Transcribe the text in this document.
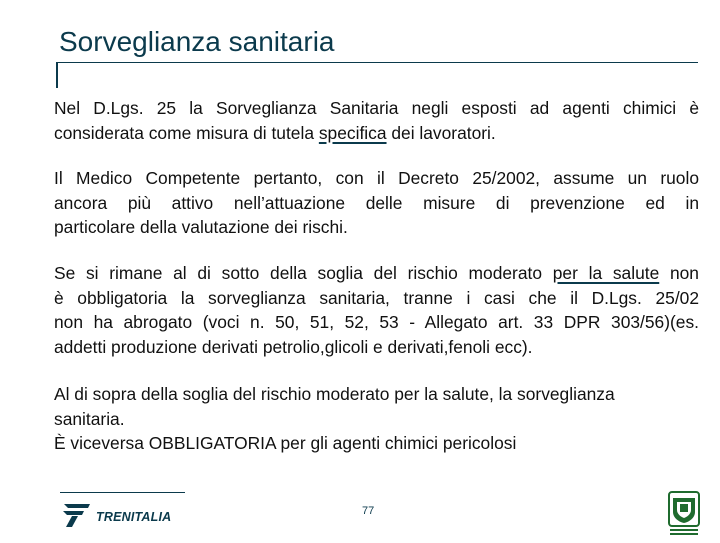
Sorveglianza sanitaria
Nel D.Lgs. 25 la Sorveglianza Sanitaria negli esposti ad agenti chimici è
considerata come misura di tutela specifica dei lavoratori.
Il Medico Competente pertanto, con il Decreto 25/2002, assume un ruolo
ancora più attivo nell’attuazione delle misure di prevenzione ed in
particolare della valutazione dei rischi.
Se si rimane al di sotto della soglia del rischio moderato per la salute non
è obbligatoria la sorveglianza sanitaria, tranne i casi che il D.Lgs. 25/02
non ha abrogato (voci n. 50, 51, 52, 53 - Allegato art. 33 DPR 303/56)(es.
addetti produzione derivati petrolio,glicoli e derivati,fenoli ecc).
Al di sopra della soglia del rischio moderato per la salute, la sorveglianza
sanitaria.
È viceversa OBBLIGATORIA per gli agenti chimici pericolosi
TRENITALIA	77
